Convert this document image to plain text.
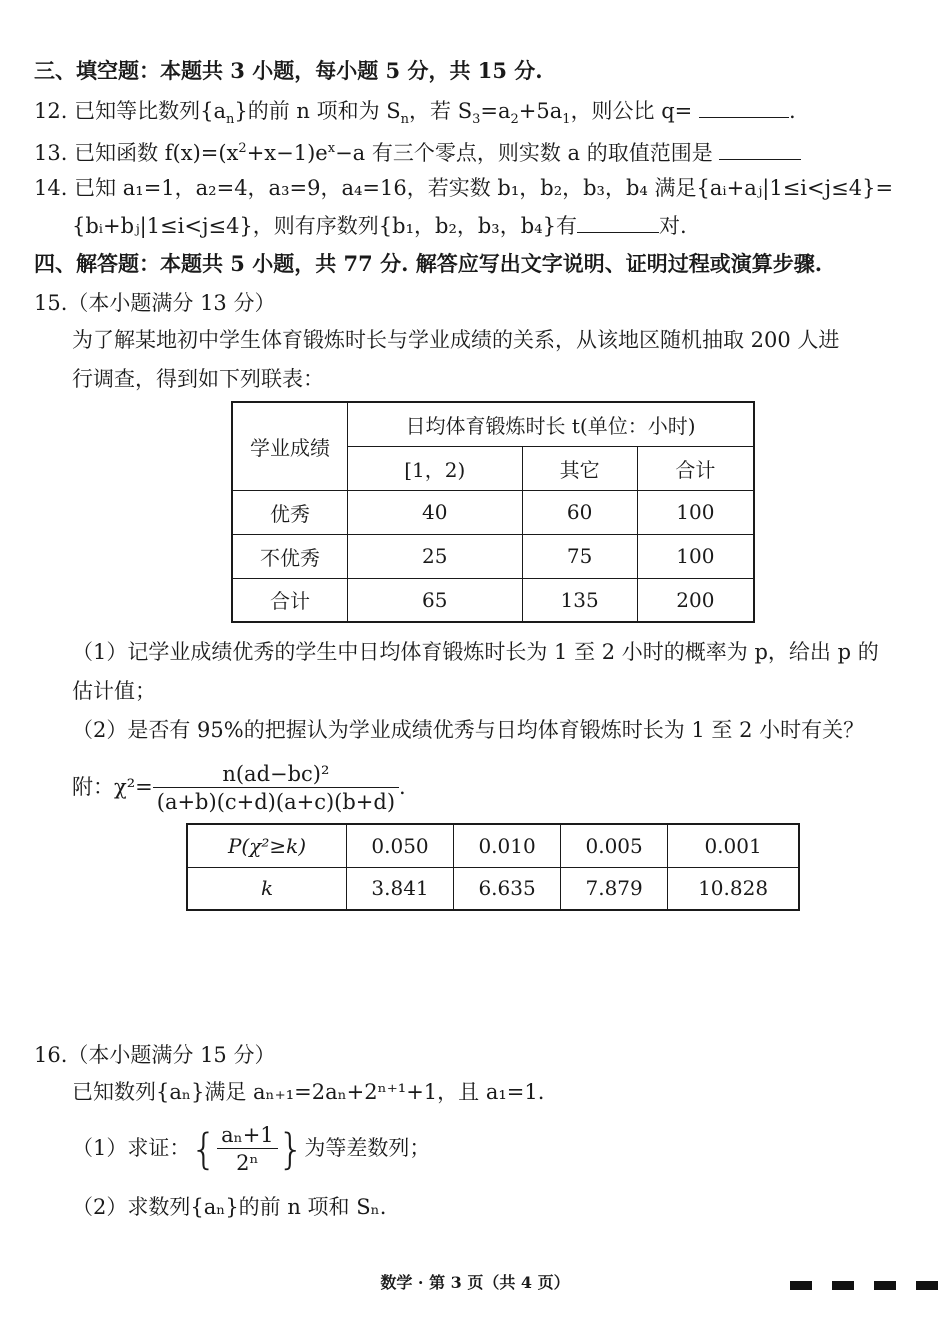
三、填空题：本题共 3 小题，每小题 5 分，共 15 分.
12. 已知等比数列$\{a_n\}$的前 n 项和为 $S_n$，若 $S_3=a_2+5a_1$，则公比 q=	.
13. 已知函数 $f(x)=(x^2+x-1)e^x-a$ 有三个零点，则实数 a 的取值范围是
14. 已知 a₁=1，a₂=4，a₃=9，a₄=16，若实数 b₁，b₂，b₃，b₄ 满足{aᵢ+aⱼ|1≤i<j≤4}=
{bᵢ+bⱼ|1≤i<j≤4}，则有序数列{b₁，b₂，b₃，b₄}有	对.
四、解答题：本题共 5 小题，共 77 分. 解答应写出文字说明、证明过程或演算步骤.
15.（本小题满分 13 分）
为了解某地初中学生体育锻炼时长与学业成绩的关系，从该地区随机抽取 200 人进
行调查，得到如下列联表：
学业成绩	日均体育锻炼时长 t(单位：小时)		
	[1，2)	其它	合计
优秀	40	60	100
不优秀	25	75	100
合计	65	135	200
（1）记学业成绩优秀的学生中日均体育锻炼时长为 1 至 2 小时的概率为 p，给出 p 的
估计值；
（2）是否有 95%的把握认为学业成绩优秀与日均体育锻炼时长为 1 至 2 小时有关？
附：$\chi^2= \frac{\text{n(ad−bc)²}}{(a+b)(c+d)(a+c)(b+d)}$ .
P(χ²≥k)	0.050	0.010	0.005	0.001
k	3.841	6.635	7.879	10.828
16.（本小题满分 15 分）
已知数列{aₙ}满足 aₙ₊₁=2aₙ+2ⁿ⁺¹+1，且 a₁=1.
（1）求证：{ $\frac{\text{aₙ+1}}{\text{2ⁿ}}$ }为等差数列；
（2）求数列{aₙ}的前 n 项和 Sₙ.
数学 · 第 3 页（共 4 页）
